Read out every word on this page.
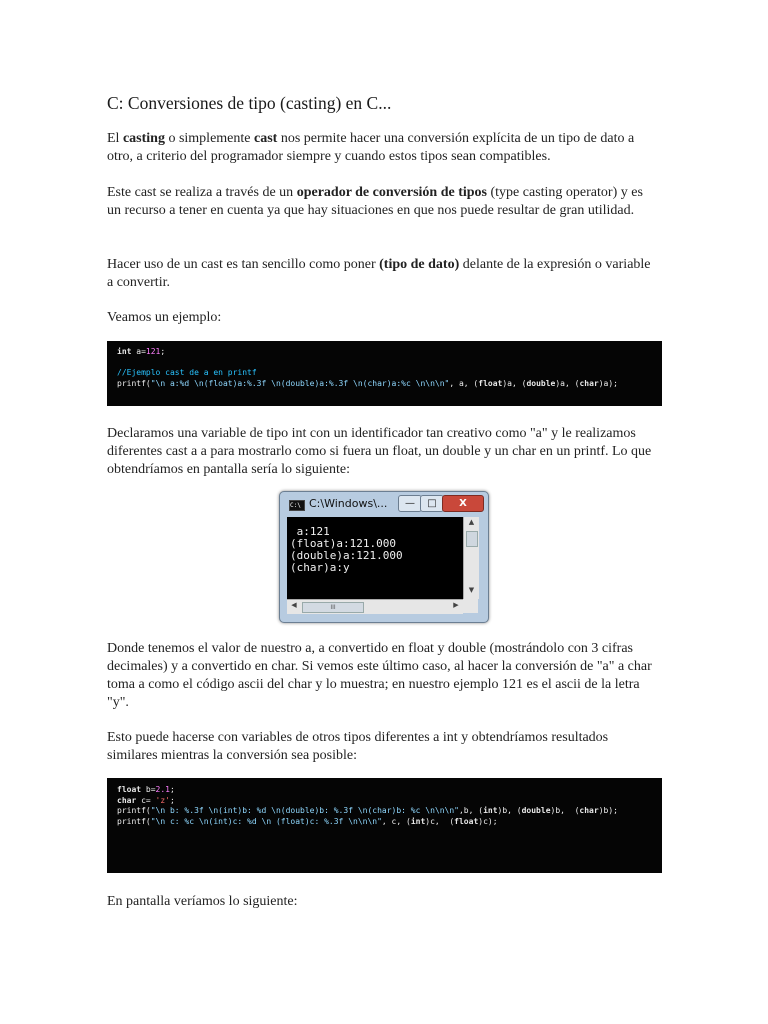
C: Conversiones de tipo (casting) en C...

El casting o simplemente cast nos permite hacer una conversión explícita de un tipo de dato a otro, a criterio del programador siempre y cuando estos tipos sean compatibles.

Este cast se realiza a través de un operador de conversión de tipos (type casting operator) y es un recurso a tener en cuenta ya que hay situaciones en que nos puede resultar de gran utilidad.

Hacer uso de un cast es tan sencillo como poner (tipo de dato) delante de la expresión o variable a convertir.

Veamos un ejemplo:

int a=121;

//Ejemplo cast de a en printf
printf("\n a:%d \n(float)a:%.3f \n(double)a:%.3f \n(char)a:%c \n\n\n", a, (float)a, (double)a, (char)a);

Declaramos una variable de tipo int con un identificador tan creativo como "a" y le realizamos diferentes cast a a para mostrarlo como si fuera un float, un double y un char en un printf. Lo que obtendríamos en pantalla sería lo siguiente:

C:\ C:\Windows\...	—	□	X
a:121
(float)a:121.000
(double)a:121.000
(char)a:y
▲
▼
◀	III	▶

Donde tenemos el valor de nuestro a, a convertido en float y double (mostrándolo con 3 cifras decimales) y a convertido en char. Si vemos este último caso, al hacer la conversión de "a" a char toma a como el código ascii del char y lo muestra; en nuestro ejemplo 121 es el ascii de la letra "y".

Esto puede hacerse con variables de otros tipos diferentes a int y obtendríamos resultados similares mientras la conversión sea posible:

float b=2.1;
char c= 'z';
printf("\n b: %.3f \n(int)b: %d \n(double)b: %.3f \n(char)b: %c \n\n\n",b, (int)b, (double)b,  (char)b);
printf("\n c: %c \n(int)c: %d \n (float)c: %.3f \n\n\n", c, (int)c,  (float)c);

En pantalla veríamos lo siguiente:
